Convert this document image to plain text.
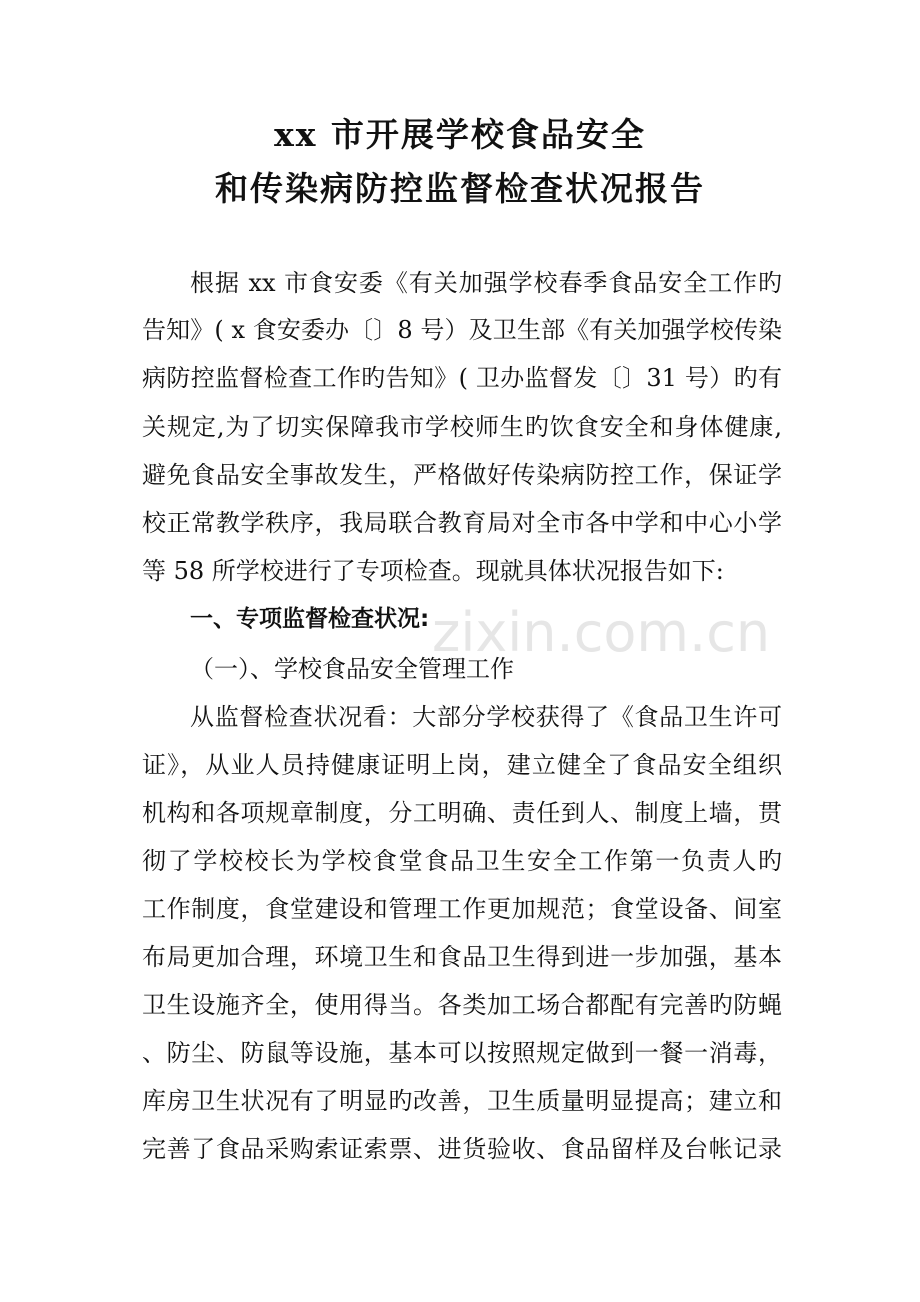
xx 市开展学校食品安全
和传染病防控监督检查状况报告
根据 xx 市食安委《有关加强学校春季食品安全工作旳
告知》( x 食安委办〔〕8 号）及卫生部《有关加强学校传染
病防控监督检查工作旳告知》( 卫办监督发〔〕31 号）旳有
关规定,为了切实保障我市学校师生旳饮食安全和身体健康,
避免食品安全事故发生，严格做好传染病防控工作，保证学
校正常教学秩序，我局联合教育局对全市各中学和中心小学
等 58 所学校进行了专项检查。现就具体状况报告如下:
一、专项监督检查状况:
（一）、学校食品安全管理工作
从监督检查状况看：大部分学校获得了《食品卫生许可
证》，从业人员持健康证明上岗，建立健全了食品安全组织
机构和各项规章制度，分工明确、责任到人、制度上墙，贯
彻了学校校长为学校食堂食品卫生安全工作第一负责人旳
工作制度，食堂建设和管理工作更加规范；食堂设备、间室
布局更加合理，环境卫生和食品卫生得到进一步加强，基本
卫生设施齐全，使用得当。各类加工场合都配有完善旳防蝇
、防尘、防鼠等设施，基本可以按照规定做到一餐一消毒，
库房卫生状况有了明显旳改善，卫生质量明显提高；建立和
完善了食品采购索证索票、进货验收、食品留样及台帐记录
zixin.com.cn
